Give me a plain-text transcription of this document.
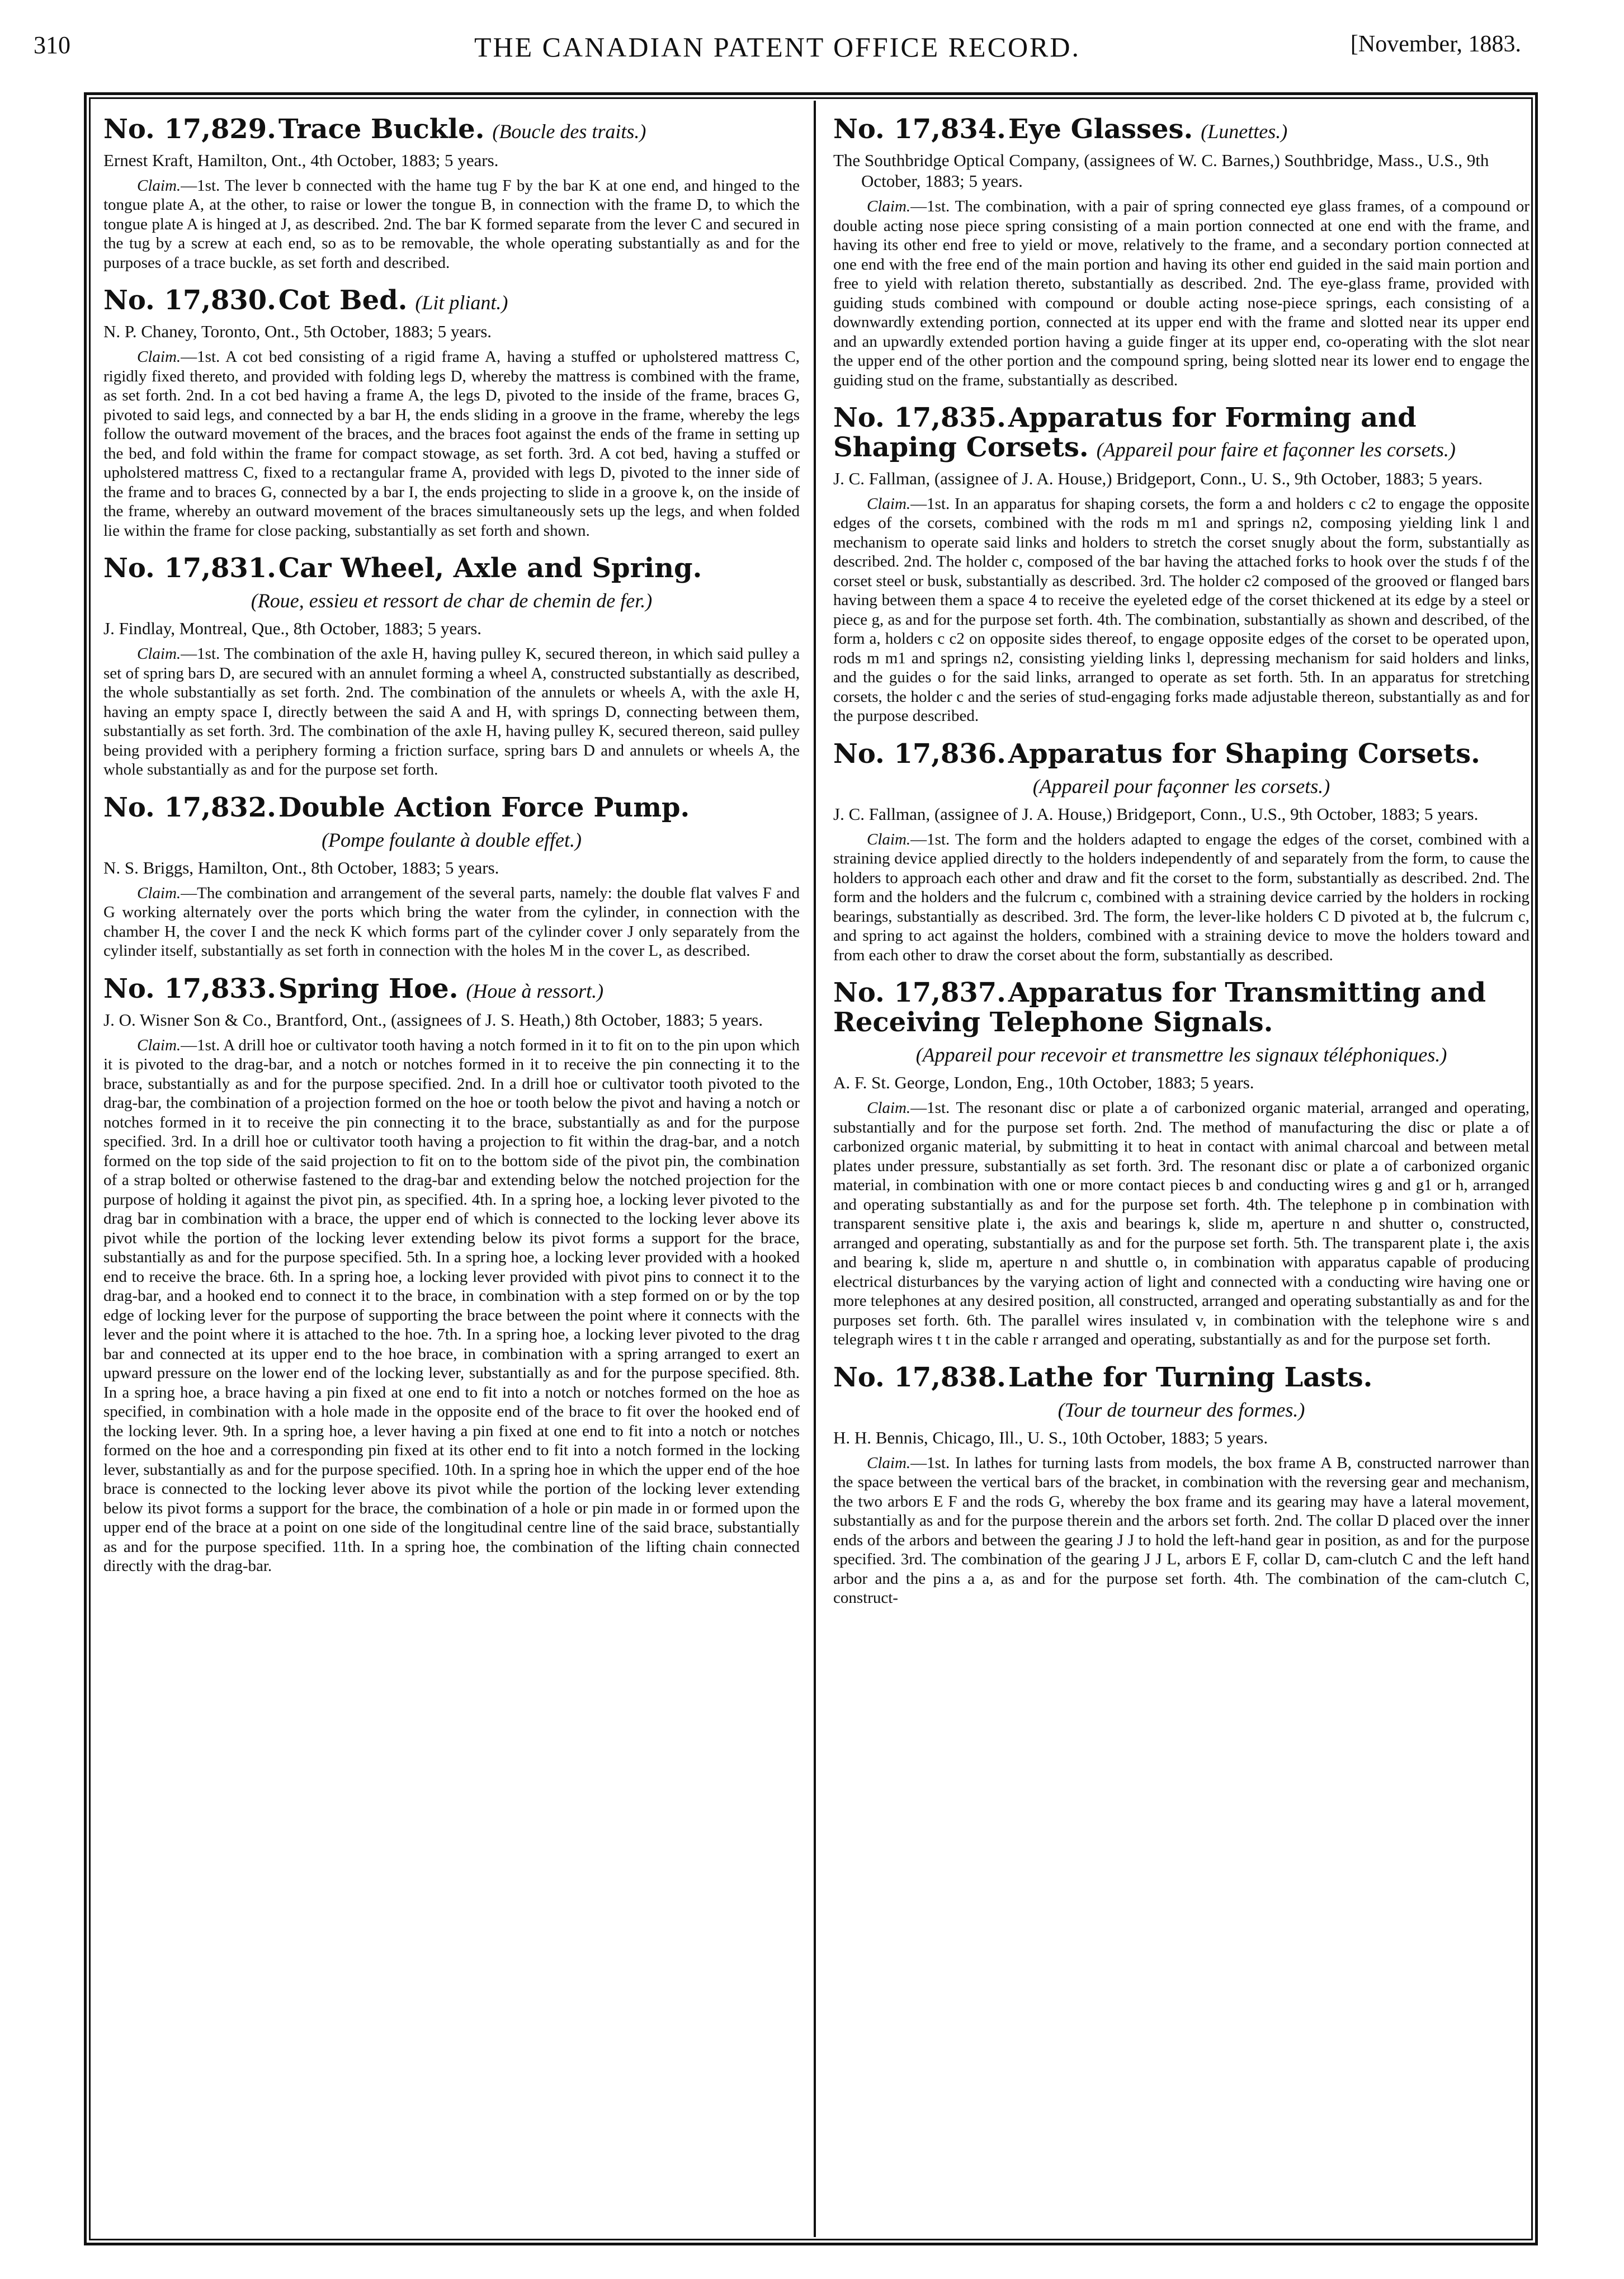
310	THE CANADIAN PATENT OFFICE RECORD.	[November, 1883.
No. 17,829. Trace Buckle. (Boucle des traits.)

Ernest Kraft, Hamilton, Ont., 4th October, 1883; 5 years.

Claim.—1st. The lever b connected with the hame tug F by the bar K at one end, and hinged to the tongue plate A, at the other, to raise or lower the tongue B, in connection with the frame D, to which the tongue plate A is hinged at J, as described. 2nd. The bar K formed separate from the lever C and secured in the tug by a screw at each end, so as to be removable, the whole operating substantially as and for the purposes of a trace buckle, as set forth and described.

No. 17,830. Cot Bed. (Lit pliant.)

N. P. Chaney, Toronto, Ont., 5th October, 1883; 5 years.

Claim.—1st. A cot bed consisting of a rigid frame A, having a stuffed or upholstered mattress C, rigidly fixed thereto, and provided with folding legs D, whereby the mattress is combined with the frame, as set forth. 2nd. In a cot bed having a frame A, the legs D, pivoted to the inside of the frame, braces G, pivoted to said legs, and connected by a bar H, the ends sliding in a groove in the frame, whereby the legs follow the outward movement of the braces, and the braces foot against the ends of the frame in setting up the bed, and fold within the frame for compact stowage, as set forth. 3rd. A cot bed, having a stuffed or upholstered mattress C, fixed to a rectangular frame A, provided with legs D, pivoted to the inner side of the frame and to braces G, connected by a bar I, the ends projecting to slide in a groove k, on the inside of the frame, whereby an outward movement of the braces simultaneously sets up the legs, and when folded lie within the frame for close packing, substantially as set forth and shown.

No. 17,831. Car Wheel, Axle and Spring.
(Roue, essieu et ressort de char de chemin de fer.)

J. Findlay, Montreal, Que., 8th October, 1883; 5 years.

Claim.—1st. The combination of the axle H, having pulley K, secured thereon, in which said pulley a set of spring bars D, are secured with an annulet forming a wheel A, constructed substantially as described, the whole substantially as set forth. 2nd. The combination of the annulets or wheels A, with the axle H, having an empty space I, directly between the said A and H, with springs D, connecting between them, substantially as set forth. 3rd. The combination of the axle H, having pulley K, secured thereon, said pulley being provided with a periphery forming a friction surface, spring bars D and annulets or wheels A, the whole substantially as and for the purpose set forth.

No. 17,832. Double Action Force Pump.
(Pompe foulante à double effet.)

N. S. Briggs, Hamilton, Ont., 8th October, 1883; 5 years.

Claim.—The combination and arrangement of the several parts, namely: the double flat valves F and G working alternately over the ports which bring the water from the cylinder, in connection with the chamber H, the cover I and the neck K which forms part of the cylinder cover J only separately from the cylinder itself, substantially as set forth in connection with the holes M in the cover L, as described.

No. 17,833. Spring Hoe. (Houe à ressort.)

J. O. Wisner Son & Co., Brantford, Ont., (assignees of J. S. Heath,) 8th October, 1883; 5 years.

Claim.—1st. A drill hoe or cultivator tooth having a notch formed in it to fit on to the pin upon which it is pivoted to the drag-bar, and a notch or notches formed in it to receive the pin connecting it to the brace, substantially as and for the purpose specified. 2nd. In a drill hoe or cultivator tooth pivoted to the drag-bar, the combination of a projection formed on the hoe or tooth below the pivot and having a notch or notches formed in it to receive the pin connecting it to the brace, substantially as and for the purpose specified. 3rd. In a drill hoe or cultivator tooth having a projection to fit within the drag-bar, and a notch formed on the top side of the said projection to fit on to the bottom side of the pivot pin, the combination of a strap bolted or otherwise fastened to the drag-bar and extending below the notched projection for the purpose of holding it against the pivot pin, as specified. 4th. In a spring hoe, a locking lever pivoted to the drag bar in combination with a brace, the upper end of which is connected to the locking lever above its pivot while the portion of the locking lever extending below its pivot forms a support for the brace, substantially as and for the purpose specified. 5th. In a spring hoe, a locking lever provided with a hooked end to receive the brace. 6th. In a spring hoe, a locking lever provided with pivot pins to connect it to the drag-bar, and a hooked end to connect it to the brace, in combination with a step formed on or by the top edge of locking lever for the purpose of supporting the brace between the point where it connects with the lever and the point where it is attached to the hoe. 7th. In a spring hoe, a locking lever pivoted to the drag bar and connected at its upper end to the hoe brace, in combination with a spring arranged to exert an upward pressure on the lower end of the locking lever, substantially as and for the purpose specified. 8th. In a spring hoe, a brace having a pin fixed at one end to fit into a notch or notches formed on the hoe as specified, in combination with a hole made in the opposite end of the brace to fit over the hooked end of the locking lever. 9th. In a spring hoe, a lever having a pin fixed at one end to fit into a notch or notches formed on the hoe and a corresponding pin fixed at its other end to fit into a notch formed in the locking lever, substantially as and for the purpose specified. 10th. In a spring hoe in which the upper end of the hoe brace is connected to the locking lever above its pivot while the portion of the locking lever extending below its pivot forms a support for the brace, the combination of a hole or pin made in or formed upon the upper end of the brace at a point on one side of the longitudinal centre line of the said brace, substantially as and for the purpose specified. 11th. In a spring hoe, the combination of the lifting chain connected directly with the drag-bar.

No. 17,834. Eye Glasses. (Lunettes.)

The Southbridge Optical Company, (assignees of W. C. Barnes,) Southbridge, Mass., U.S., 9th October, 1883; 5 years.

Claim.—1st. The combination, with a pair of spring connected eye glass frames, of a compound or double acting nose piece spring consisting of a main portion connected at one end with the frame, and having its other end free to yield or move, relatively to the frame, and a secondary portion connected at one end with the free end of the main portion and having its other end guided in the said main portion and free to yield with relation thereto, substantially as described. 2nd. The eye-glass frame, provided with guiding studs combined with compound or double acting nose-piece springs, each consisting of a downwardly extending portion, connected at its upper end with the frame and slotted near its upper end and an upwardly extended portion having a guide finger at its upper end, co-operating with the slot near the upper end of the other portion and the compound spring, being slotted near its lower end to engage the guiding stud on the frame, substantially as described.

No. 17,835. Apparatus for Forming and Shaping Corsets. (Appareil pour faire et façonner les corsets.)

J. C. Fallman, (assignee of J. A. House,) Bridgeport, Conn., U. S., 9th October, 1883; 5 years.

Claim.—1st. In an apparatus for shaping corsets, the form a and holders c c2 to engage the opposite edges of the corsets, combined with the rods m m1 and springs n2, composing yielding link l and mechanism to operate said links and holders to stretch the corset snugly about the form, substantially as described. 2nd. The holder c, composed of the bar having the attached forks to hook over the studs f of the corset steel or busk, substantially as described. 3rd. The holder c2 composed of the grooved or flanged bars having between them a space 4 to receive the eyeleted edge of the corset thickened at its edge by a steel or piece g, as and for the purpose set forth. 4th. The combination, substantially as shown and described, of the form a, holders c c2 on opposite sides thereof, to engage opposite edges of the corset to be operated upon, rods m m1 and springs n2, consisting yielding links l, depressing mechanism for said holders and links, and the guides o for the said links, arranged to operate as set forth. 5th. In an apparatus for stretching corsets, the holder c and the series of stud-engaging forks made adjustable thereon, substantially as and for the purpose described.

No. 17,836. Apparatus for Shaping Corsets.
(Appareil pour façonner les corsets.)

J. C. Fallman, (assignee of J. A. House,) Bridgeport, Conn., U.S., 9th October, 1883; 5 years.

Claim.—1st. The form and the holders adapted to engage the edges of the corset, combined with a straining device applied directly to the holders independently of and separately from the form, to cause the holders to approach each other and draw and fit the corset to the form, substantially as described. 2nd. The form and the holders and the fulcrum c, combined with a straining device carried by the holders in rocking bearings, substantially as described. 3rd. The form, the lever-like holders C D pivoted at b, the fulcrum c, and spring to act against the holders, combined with a straining device to move the holders toward and from each other to draw the corset about the form, substantially as described.

No. 17,837. Apparatus for Transmitting and Receiving Telephone Signals.
(Appareil pour recevoir et transmettre les signaux téléphoniques.)

A. F. St. George, London, Eng., 10th October, 1883; 5 years.

Claim.—1st. The resonant disc or plate a of carbonized organic material, arranged and operating, substantially and for the purpose set forth. 2nd. The method of manufacturing the disc or plate a of carbonized organic material, by submitting it to heat in contact with animal charcoal and between metal plates under pressure, substantially as set forth. 3rd. The resonant disc or plate a of carbonized organic material, in combination with one or more contact pieces b and conducting wires g and g1 or h, arranged and operating substantially as and for the purpose set forth. 4th. The telephone p in combination with transparent sensitive plate i, the axis and bearings k, slide m, aperture n and shutter o, constructed, arranged and operating, substantially as and for the purpose set forth. 5th. The transparent plate i, the axis and bearing k, slide m, aperture n and shuttle o, in combination with apparatus capable of producing electrical disturbances by the varying action of light and connected with a conducting wire having one or more telephones at any desired position, all constructed, arranged and operating substantially as and for the purposes set forth. 6th. The parallel wires insulated v, in combination with the telephone wire s and telegraph wires t t in the cable r arranged and operating, substantially as and for the purpose set forth.

No. 17,838. Lathe for Turning Lasts.
(Tour de tourneur des formes.)

H. H. Bennis, Chicago, Ill., U. S., 10th October, 1883; 5 years.

Claim.—1st. In lathes for turning lasts from models, the box frame A B, constructed narrower than the space between the vertical bars of the bracket, in combination with the reversing gear and mechanism, the two arbors E F and the rods G, whereby the box frame and its gearing may have a lateral movement, substantially as and for the purpose therein and the arbors set forth. 2nd. The collar D placed over the inner ends of the arbors and between the gearing J J to hold the left-hand gear in position, as and for the purpose specified. 3rd. The combination of the gearing J J L, arbors E F, collar D, cam-clutch C and the left hand arbor and the pins a a, as and for the purpose set forth. 4th. The combination of the cam-clutch C, construct-
